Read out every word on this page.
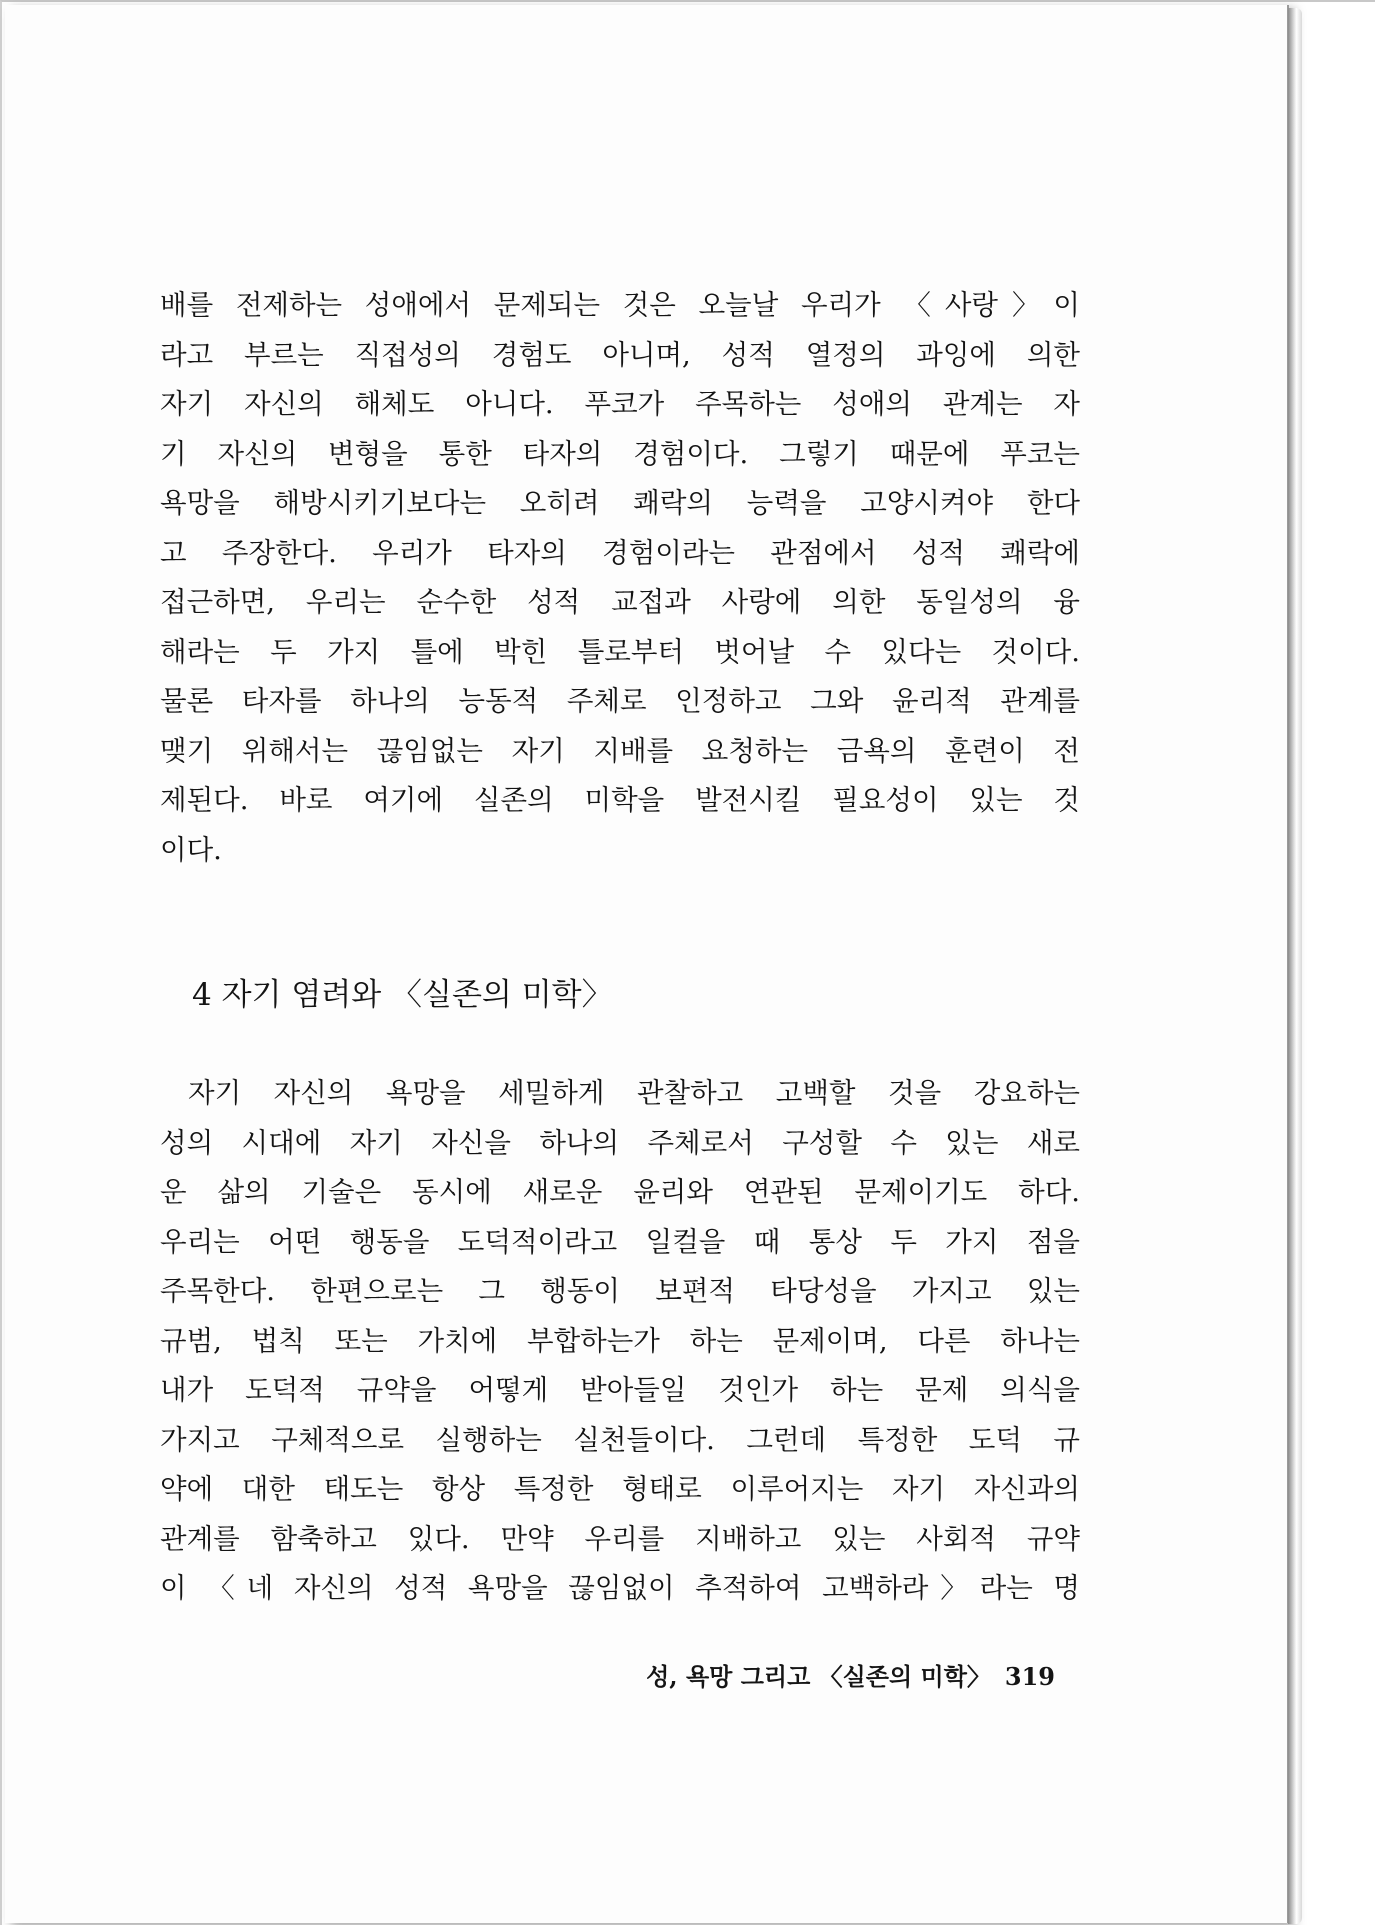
배를 전제하는 성애에서 문제되는 것은 오늘날 우리가 〈사랑〉이
라고 부르는 직접성의 경험도 아니며, 성적 열정의 과잉에 의한
자기 자신의 해체도 아니다. 푸코가 주목하는 성애의 관계는 자
기 자신의 변형을 통한 타자의 경험이다. 그렇기 때문에 푸코는
욕망을 해방시키기보다는 오히려 쾌락의 능력을 고양시켜야 한다
고 주장한다. 우리가 타자의 경험이라는 관점에서 성적 쾌락에
접근하면, 우리는 순수한 성적 교접과 사랑에 의한 동일성의 융
해라는 두 가지 틀에 박힌 틀로부터 벗어날 수 있다는 것이다.
물론 타자를 하나의 능동적 주체로 인정하고 그와 윤리적 관계를
맺기 위해서는 끊임없는 자기 지배를 요청하는 금욕의 훈련이 전
제된다. 바로 여기에 실존의 미학을 발전시킬 필요성이 있는 것
이다.
4 자기 염려와 〈실존의 미학〉
자기 자신의 욕망을 세밀하게 관찰하고 고백할 것을 강요하는
성의 시대에 자기 자신을 하나의 주체로서 구성할 수 있는 새로
운 삶의 기술은 동시에 새로운 윤리와 연관된 문제이기도 하다.
우리는 어떤 행동을 도덕적이라고 일컬을 때 통상 두 가지 점을
주목한다. 한편으로는 그 행동이 보편적 타당성을 가지고 있는
규범, 법칙 또는 가치에 부합하는가 하는 문제이며, 다른 하나는
내가 도덕적 규약을 어떻게 받아들일 것인가 하는 문제 의식을
가지고 구체적으로 실행하는 실천들이다. 그런데 특정한 도덕 규
약에 대한 태도는 항상 특정한 형태로 이루어지는 자기 자신과의
관계를 함축하고 있다. 만약 우리를 지배하고 있는 사회적 규약
이 〈네 자신의 성적 욕망을 끊임없이 추적하여 고백하라〉라는 명
성, 욕망 그리고 〈실존의 미학〉 319
